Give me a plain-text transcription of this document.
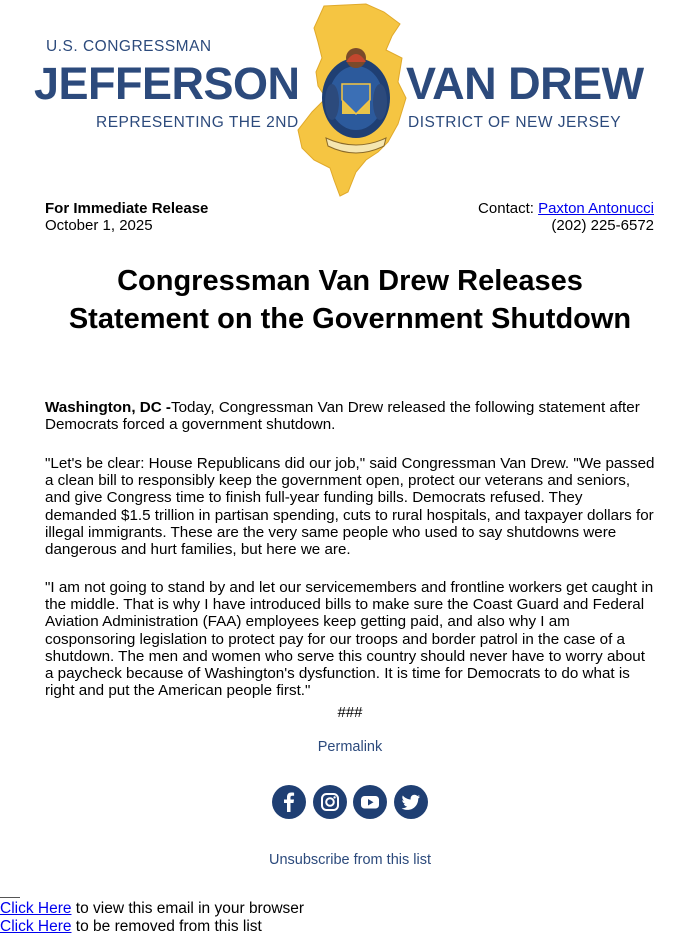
U.S. CONGRESSMAN
JEFFERSON VAN DREW
REPRESENTING THE 2ND	DISTRICT OF NEW JERSEY
For Immediate Release
October 1, 2025
Contact: Paxton Antonucci
(202) 225-6572
Congressman Van Drew Releases Statement on the Government Shutdown
Washington, DC -Today, Congressman Van Drew released the following statement after Democrats forced a government shutdown.
"Let's be clear: House Republicans did our job," said Congressman Van Drew. "We passed a clean bill to responsibly keep the government open, protect our veterans and seniors, and give Congress time to finish full-year funding bills. Democrats refused. They demanded $1.5 trillion in partisan spending, cuts to rural hospitals, and taxpayer dollars for illegal immigrants. These are the very same people who used to say shutdowns were dangerous and hurt families, but here we are.
"I am not going to stand by and let our servicemembers and frontline workers get caught in the middle. That is why I have introduced bills to make sure the Coast Guard and Federal Aviation Administration (FAA) employees keep getting paid, and also why I am cosponsoring legislation to protect pay for our troops and border patrol in the case of a shutdown. The men and women who serve this country should never have to worry about a paycheck because of Washington's dysfunction. It is time for Democrats to do what is right and put the American people first."
###
Permalink
Unsubscribe from this list
Click Here to view this email in your browser
Click Here to be removed from this list
